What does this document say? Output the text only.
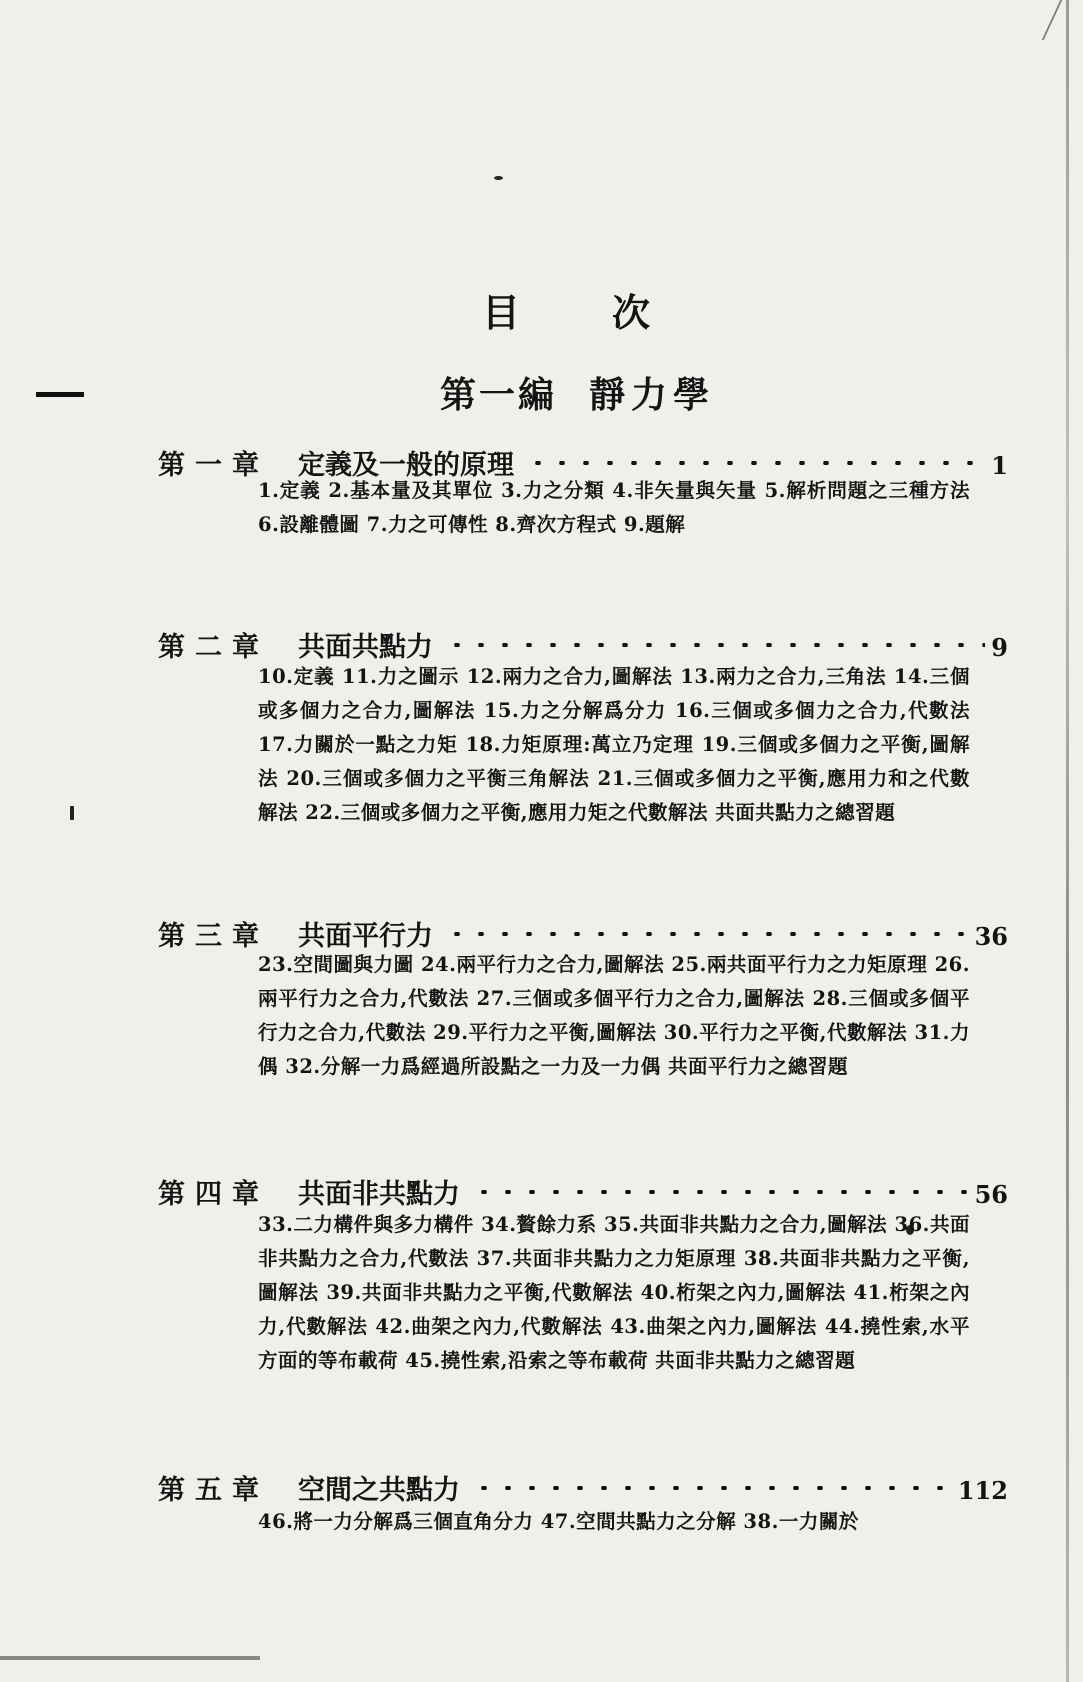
目次
第一編 靜力學
第一章	定義及一般的原理	1
1.定義 2.基本量及其單位 3.力之分類 4.非矢量與矢量 5.解析問題之三種方法 6.設離體圖 7.力之可傳性 8.齊次方程式 9.題解
第二章	共面共點力	9
10.定義 11.力之圖示 12.兩力之合力,圖解法 13.兩力之合力,三角法 14.三個或多個力之合力,圖解法 15.力之分解爲分力 16.三個或多個力之合力,代數法 17.力關於一點之力矩 18.力矩原理:萬立乃定理 19.三個或多個力之平衡,圖解法 20.三個或多個力之平衡三角解法 21.三個或多個力之平衡,應用力和之代數解法 22.三個或多個力之平衡,應用力矩之代數解法 共面共點力之總習題
第三章	共面平行力	36
23.空間圖與力圖 24.兩平行力之合力,圖解法 25.兩共面平行力之力矩原理 26.兩平行力之合力,代數法 27.三個或多個平行力之合力,圖解法 28.三個或多個平行力之合力,代數法 29.平行力之平衡,圖解法 30.平行力之平衡,代數解法 31.力偶 32.分解一力爲經過所設點之一力及一力偶 共面平行力之總習題
第四章	共面非共點力	56
33.二力構件與多力構件 34.贅餘力系 35.共面非共點力之合力,圖解法 36.共面非共點力之合力,代數法 37.共面非共點力之力矩原理 38.共面非共點力之平衡,圖解法 39.共面非共點力之平衡,代數解法 40.桁架之內力,圖解法 41.桁架之內力,代數解法 42.曲架之內力,代數解法 43.曲架之內力,圖解法 44.撓性索,水平方面的等布載荷 45.撓性索,沿索之等布載荷 共面非共點力之總習題
第五章	空間之共點力	112
46.將一力分解爲三個直角分力 47.空間共點力之分解 38.一力關於
